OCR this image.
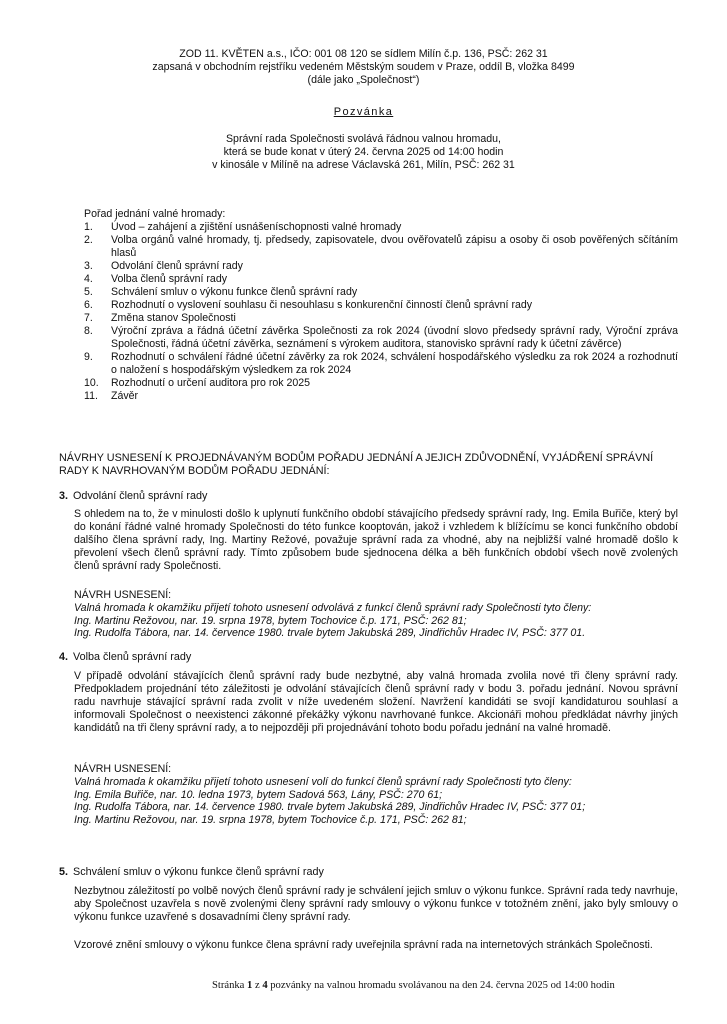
ZOD 11. KVĚTEN a.s., IČO: 001 08 120 se sídlem Milín č.p. 136, PSČ: 262 31
zapsaná v obchodním rejstříku vedeném Městským soudem v Praze, oddíl B, vložka 8499
(dále jako „Společnost“)
Pozvánka
Správní rada Společnosti svolává řádnou valnou hromadu,
která se bude konat v úterý 24. června 2025 od 14:00 hodin
v kinosále v Milíně na adrese Václavská 261, Milín, PSČ: 262 31
Pořad jednání valné hromady:
1.	Úvod – zahájení a zjištění usnášeníschopnosti valné hromady
2.	Volba orgánů valné hromady, tj. předsedy, zapisovatele, dvou ověřovatelů zápisu a osoby či osob pověřených sčítáním hlasů
3.	Odvolání členů správní rady
4.	Volba členů správní rady
5.	Schválení smluv o výkonu funkce členů správní rady
6.	Rozhodnutí o vyslovení souhlasu či nesouhlasu s konkurenční činností členů správní rady
7.	Změna stanov Společnosti
8.	Výroční zpráva a řádná účetní závěrka Společnosti za rok 2024 (úvodní slovo předsedy správní rady, Výroční zpráva Společnosti, řádná účetní závěrka, seznámení s výrokem auditora, stanovisko správní rady k účetní závěrce)
9.	Rozhodnutí o schválení řádné účetní závěrky za rok 2024, schválení hospodářského výsledku za rok 2024 a rozhodnutí o naložení s hospodářským výsledkem za rok 2024
10.	Rozhodnutí o určení auditora pro rok 2025
11.	Závěr
NÁVRHY USNESENÍ K PROJEDNÁVANÝM BODŮM POŘADU JEDNÁNÍ A JEJICH ZDŮVODNĚNÍ, VYJÁDŘENÍ SPRÁVNÍ RADY K NAVRHOVANÝM BODŮM POŘADU JEDNÁNÍ:
3. Odvolání členů správní rady
S ohledem na to, že v minulosti došlo k uplynutí funkčního období stávajícího předsedy správní rady, Ing. Emila Buřiče, který byl do konání řádné valné hromady Společnosti do této funkce kooptován, jakož i vzhledem k blížícímu se konci funkčního období dalšího člena správní rady, Ing. Martiny Režové, považuje správní rada za vhodné, aby na nejbližší valné hromadě došlo k převolení všech členů správní rady. Tímto způsobem bude sjednocena délka a běh funkčních období všech nově zvolených členů správní rady Společnosti.
NÁVRH USNESENÍ:
Valná hromada k okamžiku přijetí tohoto usnesení odvolává z funkcí členů správní rady Společnosti tyto členy:
Ing. Martinu Režovou, nar. 19. srpna 1978, bytem Tochovice č.p. 171, PSČ: 262 81;
Ing. Rudolfa Tábora, nar. 14. července 1980. trvale bytem Jakubská 289, Jindřichův Hradec IV, PSČ: 377 01.
4. Volba členů správní rady
V případě odvolání stávajících členů správní rady bude nezbytné, aby valná hromada zvolila nové tři členy správní rady. Předpokladem projednání této záležitosti je odvolání stávajících členů správní rady v bodu 3. pořadu jednání. Novou správní radu navrhuje stávající správní rada zvolit v níže uvedeném složení. Navržení kandidáti se svojí kandidaturou souhlasí a informovali Společnost o neexistenci zákonné překážky výkonu navrhované funkce. Akcionáři mohou předkládat návrhy jiných kandidátů na tři členy správní rady, a to nejpozději při projednávání tohoto bodu pořadu jednání na valné hromadě.
NÁVRH USNESENÍ:
Valná hromada k okamžiku přijetí tohoto usnesení volí do funkcí členů správní rady Společnosti tyto členy:
Ing. Emila Buřiče, nar. 10. ledna 1973, bytem Sadová 563, Lány, PSČ: 270 61;
Ing. Rudolfa Tábora, nar. 14. července 1980. trvale bytem Jakubská 289, Jindřichův Hradec IV, PSČ: 377 01;
Ing. Martinu Režovou, nar. 19. srpna 1978, bytem Tochovice č.p. 171, PSČ: 262 81;
5. Schválení smluv o výkonu funkce členů správní rady
Nezbytnou záležitostí po volbě nových členů správní rady je schválení jejich smluv o výkonu funkce. Správní rada tedy navrhuje, aby Společnost uzavřela s nově zvolenými členy správní rady smlouvy o výkonu funkce v totožném znění, jako byly smlouvy o výkonu funkce uzavřené s dosavadními členy správní rady.
Vzorové znění smlouvy o výkonu funkce člena správní rady uveřejnila správní rada na internetových stránkách Společnosti.
Stránka 1 z 4 pozvánky na valnou hromadu svolávanou na den 24. června 2025 od 14:00 hodin
